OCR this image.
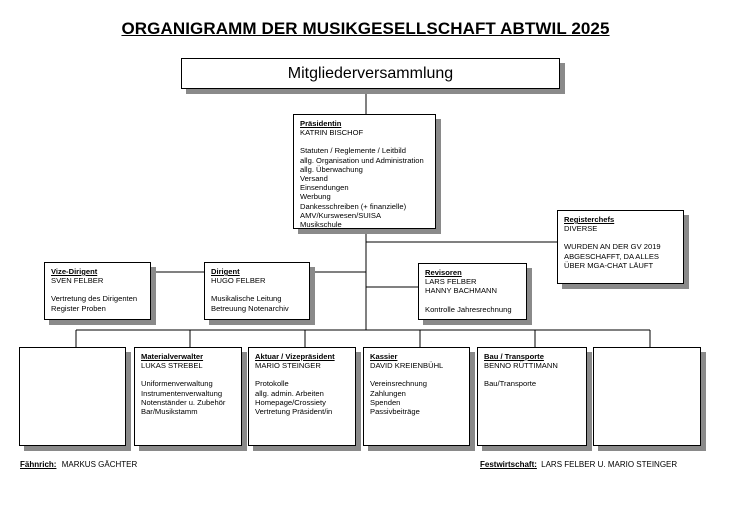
ORGANIGRAMM DER MUSIKGESELLSCHAFT ABTWIL 2025
Mitgliederversammlung
Präsidentin
KATRIN BISCHOF
Statuten / Reglemente / Leitbild
allg. Organisation und Administration
allg. Überwachung
Versand
Einsendungen
Werbung
Dankesschreiben (+ finanzielle)
AMV/Kurswesen/SUISA
Musikschule
Registerchefs
DIVERSE
WURDEN AN DER GV 2019
ABGESCHAFFT, DA ALLES
ÜBER MGA-CHAT LÄUFT
Vize-Dirigent
SVEN FELBER
Vertretung des Dirigenten
Register Proben
Dirigent
HUGO FELBER
Musikalische Leitung
Betreuung Notenarchiv
Revisoren
LARS FELBER
HANNY BACHMANN
Kontrolle Jahresrechnung
Materialverwalter
LUKAS STREBEL
Uniformenverwaltung
Instrumentenverwaltung
Notenständer u. Zubehör
Bar/Musikstamm
Aktuar / Vizepräsident
MARIO STEINGER
Protokolle
allg. admin. Arbeiten
Homepage/Crossiety
Vertretung Präsident/in
Kassier
DAVID KREIENBÜHL
Vereinsrechnung
Zahlungen
Spenden
Passivbeiträge
Bau / Transporte
BENNO RÜTTIMANN
Bau/Transporte
Fähnrich: MARKUS GÄCHTER	Festwirtschaft: LARS FELBER U. MARIO STEINGER
